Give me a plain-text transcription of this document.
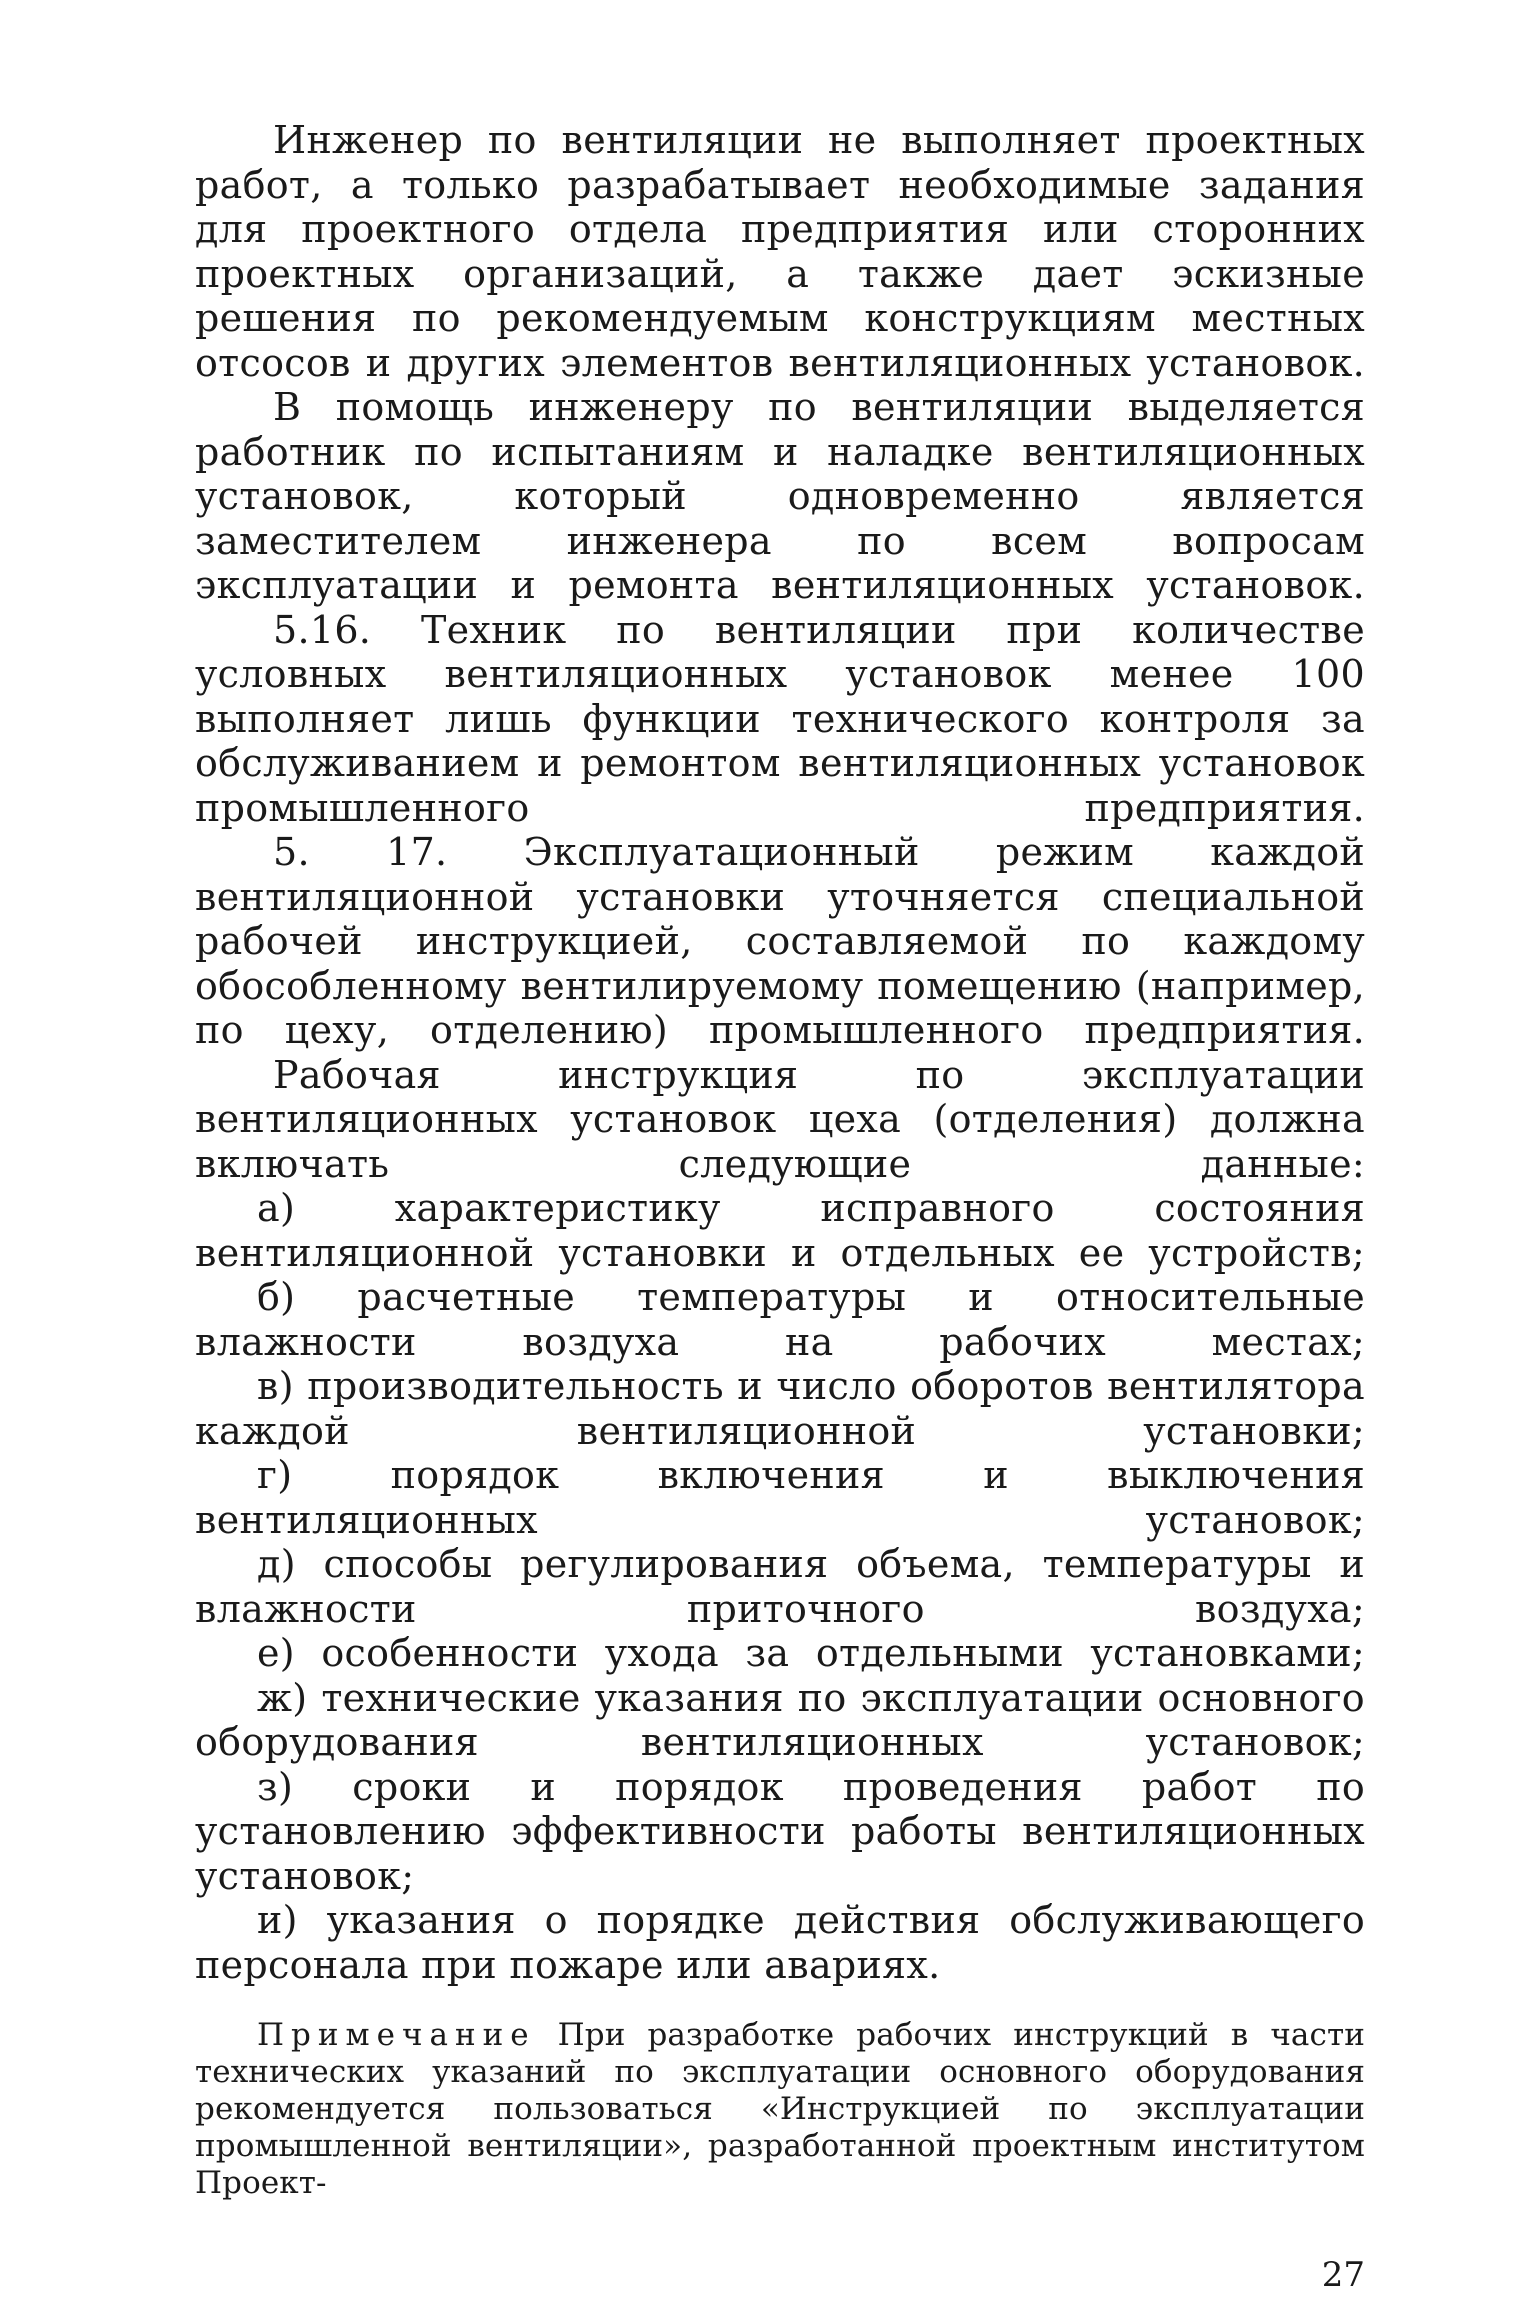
Инженер по вентиляции не выполняет проектных работ, а только разрабатывает необходимые задания для проектного отдела предприятия или сторонних проектных организаций, а также дает эскизные решения по рекомендуемым конструкциям местных отсосов и других элементов вентиляционных установок.

В помощь инженеру по вентиляции выделяется работник по испытаниям и наладке вентиляционных установок, который одновременно является заместителем инженера по всем вопросам эксплуатации и ремонта вентиляционных установок.

5.16. Техник по вентиляции при количестве условных вентиляционных установок менее 100 выполняет лишь функции технического контроля за обслуживанием и ремонтом вентиляционных установок промышленного предприятия.

5. 17. Эксплуатационный режим каждой вентиляционной установки уточняется специальной рабочей инструкцией, составляемой по каждому обособленному вентилируемому помещению (например, по цеху, отделению) промышленного предприятия.

Рабочая инструкция по эксплуатации вентиляционных установок цеха (отделения) должна включать следующие данные:

а) характеристику исправного состояния вентиляционной установки и отдельных ее устройств;

б) расчетные температуры и относительные влажности воздуха на рабочих местах;

в) производительность и число оборотов вентилятора каждой вентиляционной установки;

г) порядок включения и выключения вентиляционных установок;

д) способы регулирования объема, температуры и влажности приточного воздуха;

е) особенности ухода за отдельными установками;

ж) технические указания по эксплуатации основного оборудования вентиляционных установок;

з) сроки и порядок проведения работ по установлению эффективности работы вентиляционных установок;

и) указания о порядке действия обслуживающего персонала при пожаре или авариях.

Примечание При разработке рабочих инструкций в части технических указаний по эксплуатации основного оборудования рекомендуется пользоваться «Инструкцией по эксплуатации промышленной вентиляции», разработанной проектным институтом Проект-

27
